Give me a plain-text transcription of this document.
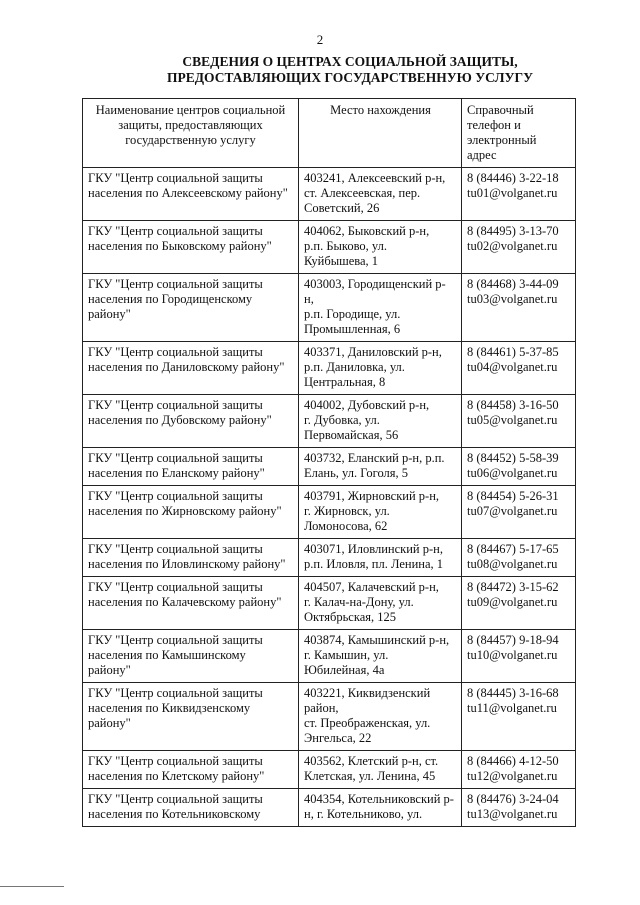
2
СВЕДЕНИЯ О ЦЕНТРАХ СОЦИАЛЬНОЙ ЗАЩИТЫ,
ПРЕДОСТАВЛЯЮЩИХ ГОСУДАРСТВЕННУЮ УСЛУГУ
Наименование центров социальной
защиты, предоставляющих
государственную услугу	Место нахождения	Справочный
телефон и
электронный
адрес

ГКУ "Центр социальной защиты
населения по Алексеевскому району"	403241, Алексеевский р-н,
ст. Алексеевская, пер.
Советский, 26	8 (84446) 3-22-18
tu01@volganet.ru

ГКУ "Центр социальной защиты
населения по Быковскому району"	404062, Быковский р-н,
р.п. Быково, ул.
Куйбышева, 1	8 (84495) 3-13-70
tu02@volganet.ru

ГКУ "Центр социальной защиты
населения по Городищенскому
району"	403003, Городищенский р-
н,
р.п. Городище, ул.
Промышленная, 6	8 (84468) 3-44-09
tu03@volganet.ru

ГКУ "Центр социальной защиты
населения по Даниловскому району"	403371, Даниловский р-н,
р.п. Даниловка, ул.
Центральная, 8	8 (84461) 5-37-85
tu04@volganet.ru

ГКУ "Центр социальной защиты
населения по Дубовскому району"	404002, Дубовский р-н,
г. Дубовка, ул.
Первомайская, 56	8 (84458) 3-16-50
tu05@volganet.ru

ГКУ "Центр социальной защиты
населения по Еланскому району"	403732, Еланский р-н, р.п.
Елань, ул. Гоголя, 5	8 (84452) 5-58-39
tu06@volganet.ru

ГКУ "Центр социальной защиты
населения по Жирновскому району"	403791, Жирновский р-н,
г. Жирновск, ул.
Ломоносова, 62	8 (84454) 5-26-31
tu07@volganet.ru

ГКУ "Центр социальной защиты
населения по Иловлинскому району"	403071, Иловлинский р-н,
р.п. Иловля, пл. Ленина, 1	8 (84467) 5-17-65
tu08@volganet.ru

ГКУ "Центр социальной защиты
населения по Калачевскому району"	404507, Калачевский р-н,
г. Калач-на-Дону, ул.
Октябрьская, 125	8 (84472) 3-15-62
tu09@volganet.ru

ГКУ "Центр социальной защиты
населения по Камышинскому
району"	403874, Камышинский р-н,
г. Камышин, ул.
Юбилейная, 4а	8 (84457) 9-18-94
tu10@volganet.ru

ГКУ "Центр социальной защиты
населения по Киквидзенскому
району"	403221, Киквидзенский
район,
ст. Преображенская, ул.
Энгельса, 22	8 (84445) 3-16-68
tu11@volganet.ru

ГКУ "Центр социальной защиты
населения по Клетскому району"	403562, Клетский р-н, ст.
Клетская, ул. Ленина, 45	8 (84466) 4-12-50
tu12@volganet.ru

ГКУ "Центр социальной защиты
населения по Котельниковскому	404354, Котельниковский р-
н, г. Котельниково, ул.	8 (84476) 3-24-04
tu13@volganet.ru
